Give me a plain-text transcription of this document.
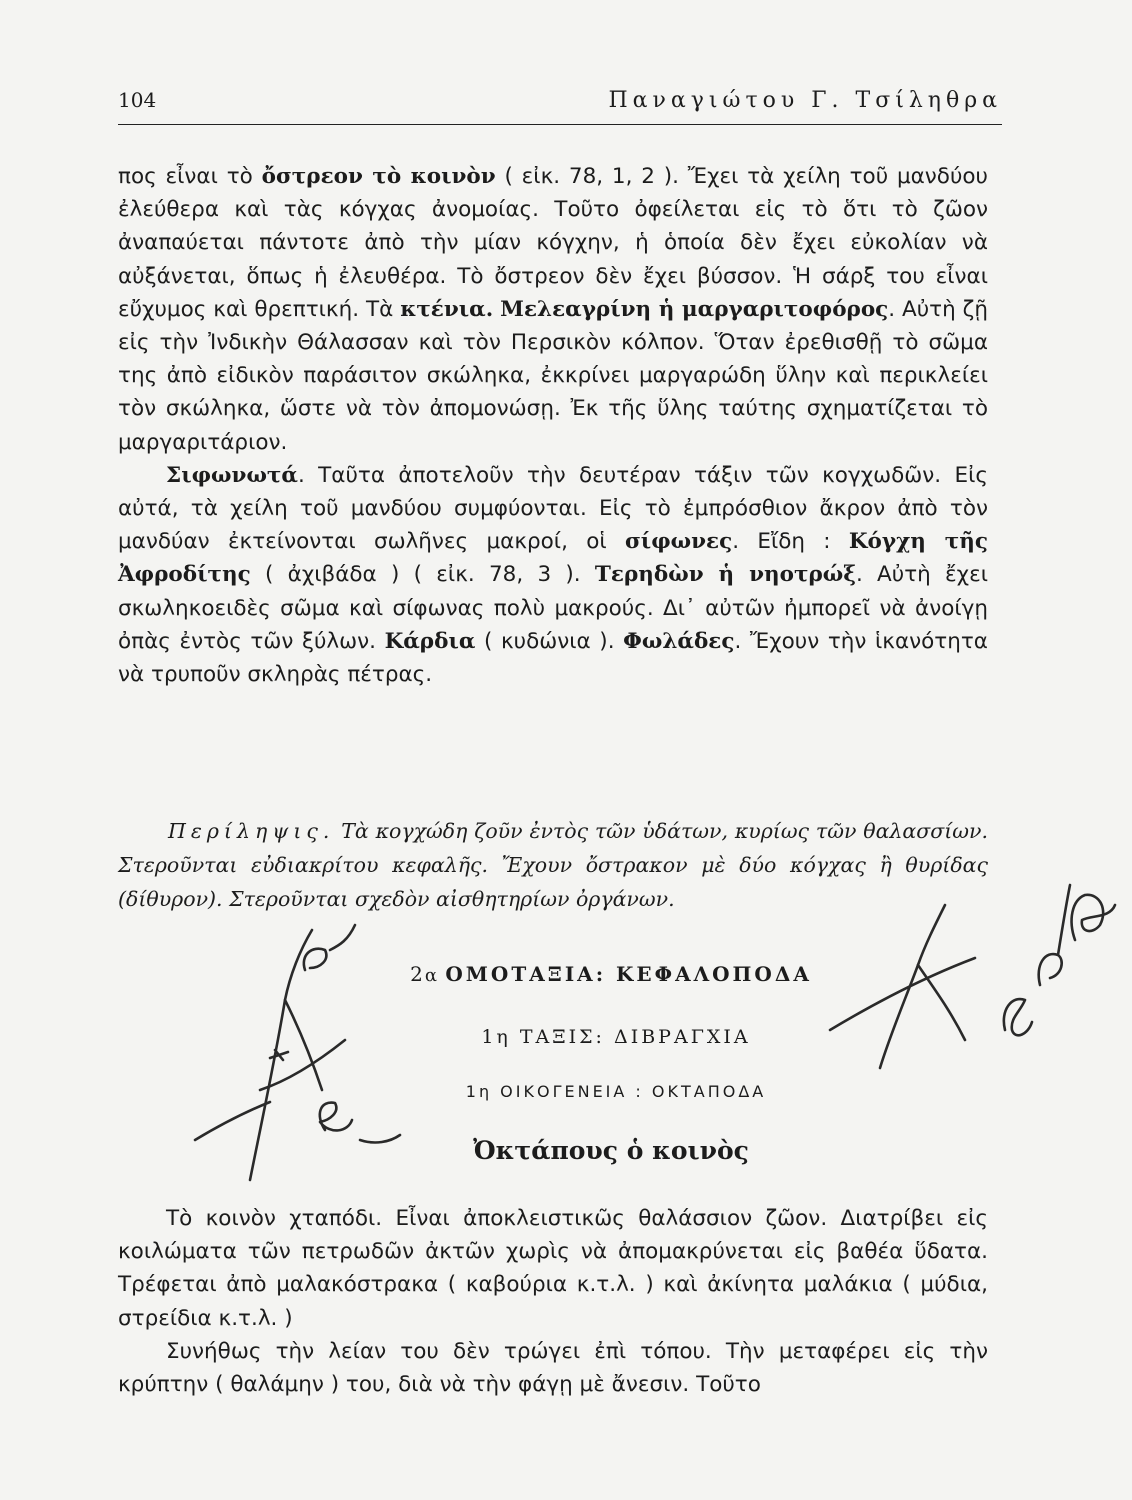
104	Παναγιώτου Γ. Τσίληθρα

πος εἶναι τὸ ὄστρεον τὸ κοινὸν ( εἰκ. 78, 1, 2 ). Ἔχει τὰ χείλη τοῦ μανδύου ἐλεύθερα καὶ τὰς κόγχας ἀνομοίας. Τοῦτο ὀφείλεται εἰς τὸ ὅτι τὸ ζῶον ἀναπαύεται πάντοτε ἀπὸ τὴν μίαν κόγχην, ἡ ὁποία δὲν ἔχει εὐκολίαν νὰ αὐξάνεται, ὅπως ἡ ἐλευθέρα. Τὸ ὄστρεον δὲν ἔχει βύσσον. Ἡ σάρξ του εἶναι εὔχυμος καὶ θρεπτική. Τὰ κτένια. Μελεαγρίνη ἡ μαργαριτοφόρος. Αὐτὴ ζῇ εἰς τὴν Ἰνδικὴν Θάλασσαν καὶ τὸν Περσικὸν κόλπον. Ὅταν ἐρεθισθῇ τὸ σῶμα της ἀπὸ εἰδικὸν παράσιτον σκώληκα, ἐκκρίνει μαργαρώδη ὕλην καὶ περικλείει τὸν σκώληκα, ὥστε νὰ τὸν ἀπομονώσῃ. Ἐκ τῆς ὕλης ταύτης σχηματίζεται τὸ μαργαριτάριον.

Σιφωνωτά. Ταῦτα ἀποτελοῦν τὴν δευτέραν τάξιν τῶν κογχωδῶν. Εἰς αὐτά, τὰ χείλη τοῦ μανδύου συμφύονται. Εἰς τὸ ἐμπρόσθιον ἄκρον ἀπὸ τὸν μανδύαν ἐκτείνονται σωλῆνες μακροί, οἱ σίφωνες. Εἴδη : Κόγχη τῆς Ἀφροδίτης ( ἀχιβάδα ) ( εἰκ. 78, 3 ). Τερηδὼν ἡ νηοτρώξ. Αὐτὴ ἔχει σκωληκοειδὲς σῶμα καὶ σίφωνας πολὺ μακρούς. Δι᾽ αὐτῶν ἠμπορεῖ νὰ ἀνοίγῃ ὀπὰς ἐντὸς τῶν ξύλων. Κάρδια ( κυδώνια ). Φωλάδες. Ἔχουν τὴν ἱκανότητα νὰ τρυποῦν σκληρὰς πέτρας.

Περίληψις. Τὰ κογχώδη ζοῦν ἐντὸς τῶν ὑδάτων, κυρίως τῶν θαλασσίων. Στεροῦνται εὐδιακρίτου κεφαλῆς. Ἔχουν ὄστρακον μὲ δύο κόγχας ἢ θυρίδας (δίθυρον). Στεροῦνται σχεδὸν αἰσθητηρίων ὀργάνων.
2α ΟΜΟΤΑΞΙΑ: ΚΕΦΑΛΟΠΟΔΑ
1η ΤΑΞΙΣ: ΔΙΒΡΑΓΧΙΑ
1η ΟΙΚΟΓΕΝΕΙΑ : ΟΚΤΑΠΟΔΑ
Ὀκτάπους ὁ κοινὸς

Τὸ κοινὸν χταπόδι. Εἶναι ἀποκλειστικῶς θαλάσσιον ζῶον. Διατρίβει εἰς κοιλώματα τῶν πετρωδῶν ἀκτῶν χωρὶς νὰ ἀπομακρύνεται εἰς βαθέα ὕδατα. Τρέφεται ἀπὸ μαλακόστρακα ( καβούρια κ.τ.λ. ) καὶ ἀκίνητα μαλάκια ( μύδια, στρείδια κ.τ.λ. )

Συνήθως τὴν λείαν του δὲν τρώγει ἐπὶ τόπου. Τὴν μεταφέρει εἰς τὴν κρύπτην ( θαλάμην ) του, διὰ νὰ τὴν φάγῃ μὲ ἄνεσιν. Τοῦτο
